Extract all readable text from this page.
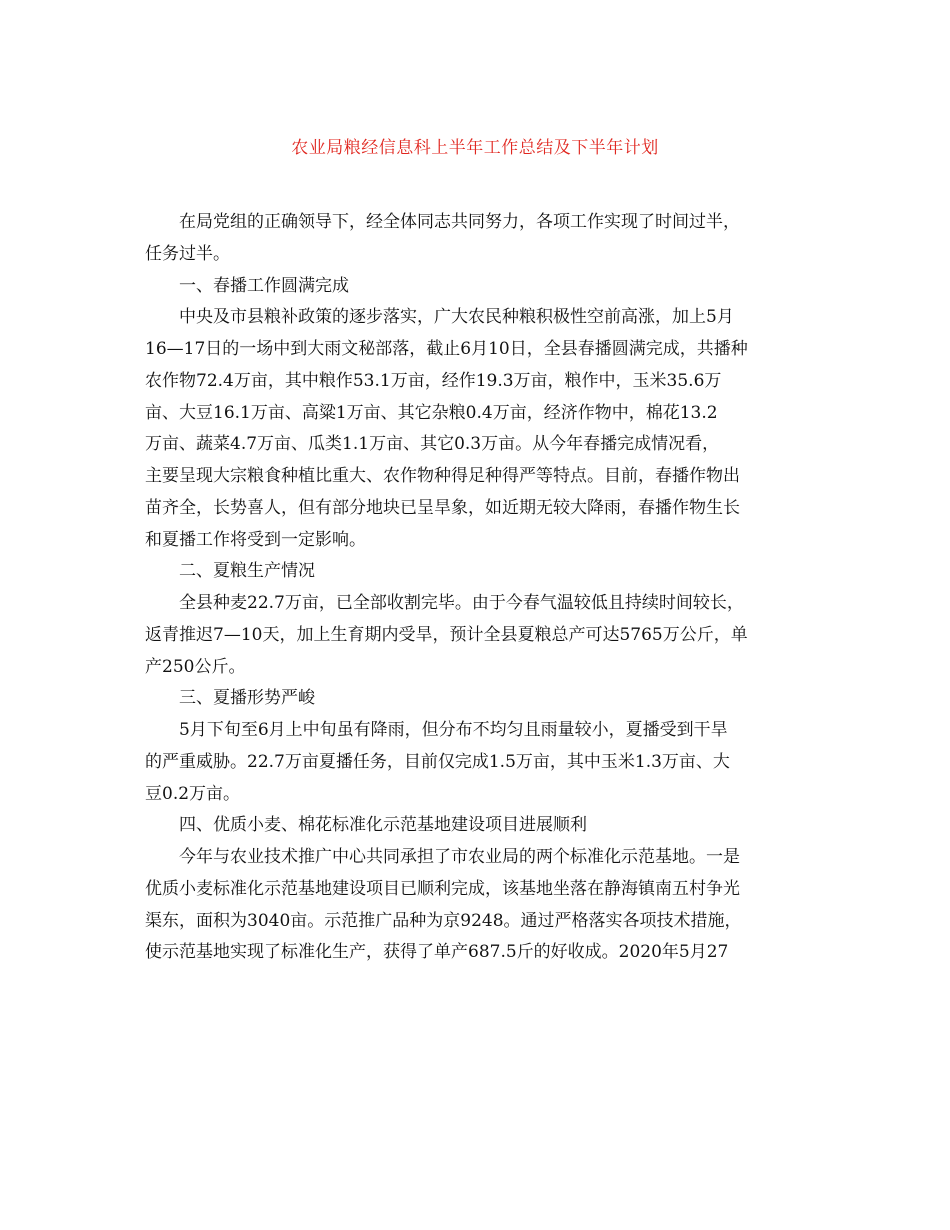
农业局粮经信息科上半年工作总结及下半年计划
在局党组的正确领导下，经全体同志共同努力，各项工作实现了时间过半，
任务过半。
一、春播工作圆满完成
中央及市县粮补政策的逐步落实，广大农民种粮积极性空前高涨，加上5月
16—17日的一场中到大雨文秘部落，截止6月10日，全县春播圆满完成，共播种
农作物72.4万亩，其中粮作53.1万亩，经作19.3万亩，粮作中，玉米35.6万
亩、大豆16.1万亩、高粱1万亩、其它杂粮0.4万亩，经济作物中，棉花13.2
万亩、蔬菜4.7万亩、瓜类1.1万亩、其它0.3万亩。从今年春播完成情况看，
主要呈现大宗粮食种植比重大、农作物种得足种得严等特点。目前，春播作物出
苗齐全，长势喜人，但有部分地块已呈旱象，如近期无较大降雨，春播作物生长
和夏播工作将受到一定影响。
二、夏粮生产情况
全县种麦22.7万亩，已全部收割完毕。由于今春气温较低且持续时间较长，
返青推迟7—10天，加上生育期内受旱，预计全县夏粮总产可达5765万公斤，单
产250公斤。
三、夏播形势严峻
5月下旬至6月上中旬虽有降雨，但分布不均匀且雨量较小，夏播受到干旱
的严重威胁。22.7万亩夏播任务，目前仅完成1.5万亩，其中玉米1.3万亩、大
豆0.2万亩。
四、优质小麦、棉花标准化示范基地建设项目进展顺利
今年与农业技术推广中心共同承担了市农业局的两个标准化示范基地。一是
优质小麦标准化示范基地建设项目已顺利完成，该基地坐落在静海镇南五村争光
渠东，面积为3040亩。示范推广品种为京9248。通过严格落实各项技术措施，
使示范基地实现了标准化生产，获得了单产687.5斤的好收成。2020年5月27
